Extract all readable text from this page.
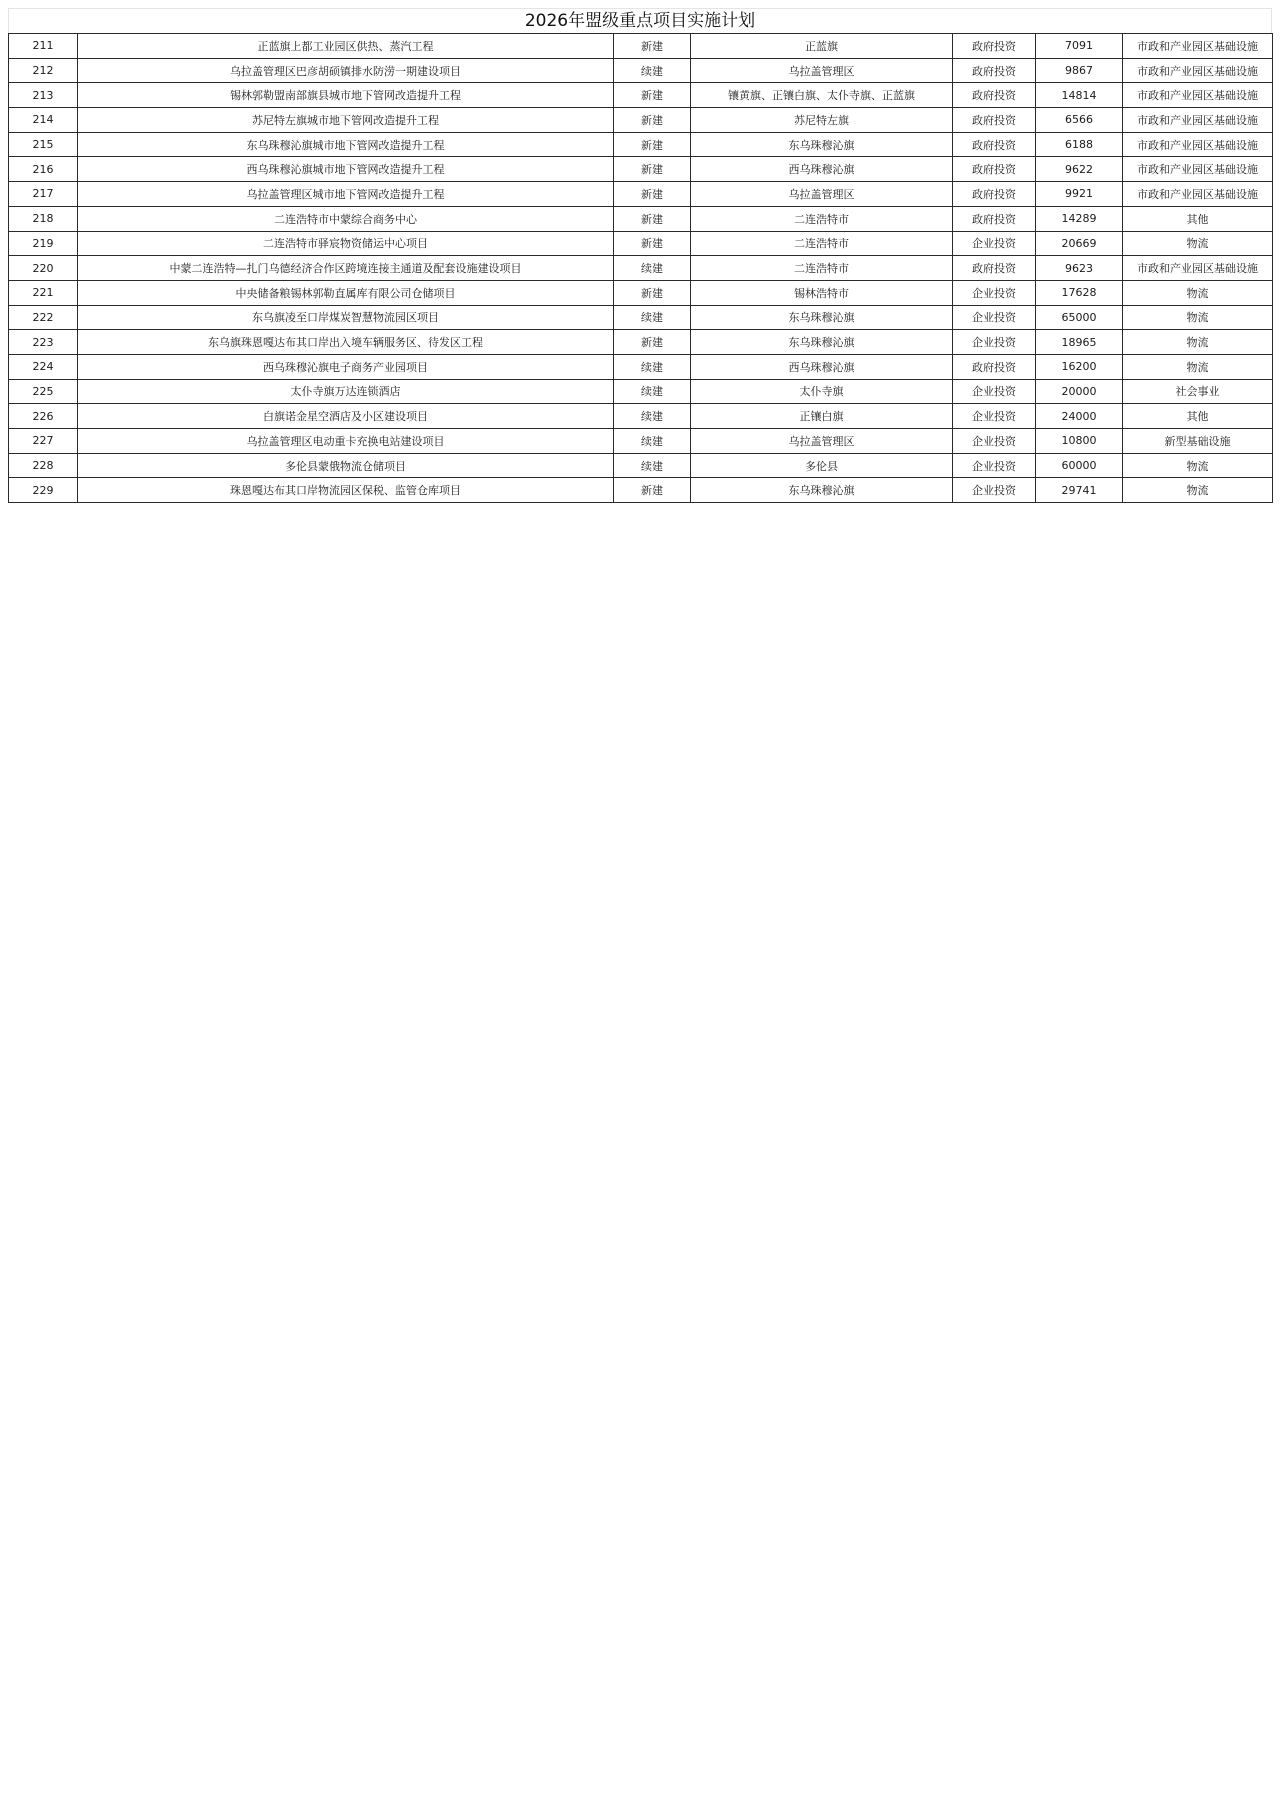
2026年盟级重点项目实施计划
211	正蓝旗上都工业园区供热、蒸汽工程	新建	正蓝旗	政府投资	7091	市政和产业园区基础设施
212	乌拉盖管理区巴彦胡硕镇排水防涝一期建设项目	续建	乌拉盖管理区	政府投资	9867	市政和产业园区基础设施
213	锡林郭勒盟南部旗县城市地下管网改造提升工程	新建	镶黄旗、正镶白旗、太仆寺旗、正蓝旗	政府投资	14814	市政和产业园区基础设施
214	苏尼特左旗城市地下管网改造提升工程	新建	苏尼特左旗	政府投资	6566	市政和产业园区基础设施
215	东乌珠穆沁旗城市地下管网改造提升工程	新建	东乌珠穆沁旗	政府投资	6188	市政和产业园区基础设施
216	西乌珠穆沁旗城市地下管网改造提升工程	新建	西乌珠穆沁旗	政府投资	9622	市政和产业园区基础设施
217	乌拉盖管理区城市地下管网改造提升工程	新建	乌拉盖管理区	政府投资	9921	市政和产业园区基础设施
218	二连浩特市中蒙综合商务中心	新建	二连浩特市	政府投资	14289	其他
219	二连浩特市驿宸物资储运中心项目	新建	二连浩特市	企业投资	20669	物流
220	中蒙二连浩特—扎门乌德经济合作区跨境连接主通道及配套设施建设项目	续建	二连浩特市	政府投资	9623	市政和产业园区基础设施
221	中央储备粮锡林郭勒直属库有限公司仓储项目	新建	锡林浩特市	企业投资	17628	物流
222	东乌旗凌至口岸煤炭智慧物流园区项目	续建	东乌珠穆沁旗	企业投资	65000	物流
223	东乌旗珠恩嘎达布其口岸出入境车辆服务区、待发区工程	新建	东乌珠穆沁旗	企业投资	18965	物流
224	西乌珠穆沁旗电子商务产业园项目	续建	西乌珠穆沁旗	政府投资	16200	物流
225	太仆寺旗万达连锁酒店	续建	太仆寺旗	企业投资	20000	社会事业
226	白旗诺金星空酒店及小区建设项目	续建	正镶白旗	企业投资	24000	其他
227	乌拉盖管理区电动重卡充换电站建设项目	续建	乌拉盖管理区	企业投资	10800	新型基础设施
228	多伦县蒙俄物流仓储项目	续建	多伦县	企业投资	60000	物流
229	珠恩嘎达布其口岸物流园区保税、监管仓库项目	新建	东乌珠穆沁旗	企业投资	29741	物流
